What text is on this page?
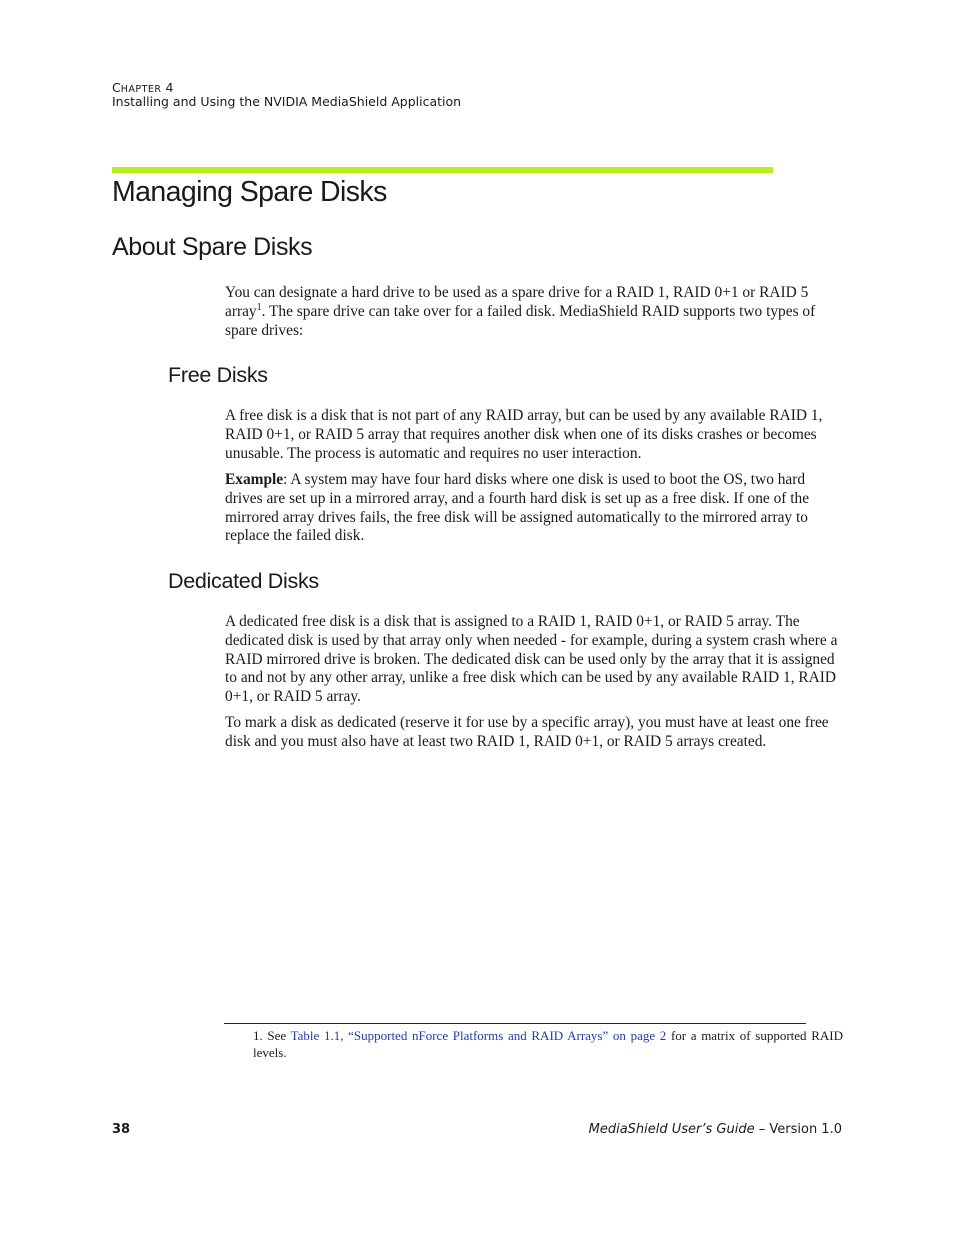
CHAPTER 4
Installing and Using the NVIDIA MediaShield Application
Managing Spare Disks
About Spare Disks

You can designate a hard drive to be used as a spare drive for a RAID 1, RAID 0+1 or RAID 5 array$^1$. The spare drive can take over for a failed disk. MediaShield RAID supports two types of spare drives:

Free Disks

A free disk is a disk that is not part of any RAID array, but can be used by any available RAID 1, RAID 0+1, or RAID 5 array that requires another disk when one of its disks crashes or becomes unusable. The process is automatic and requires no user interaction.

Example: A system may have four hard disks where one disk is used to boot the OS, two hard drives are set up in a mirrored array, and a fourth hard disk is set up as a free disk. If one of the mirrored array drives fails, the free disk will be assigned automatically to the mirrored array to replace the failed disk.

Dedicated Disks

A dedicated free disk is a disk that is assigned to a RAID 1, RAID 0+1, or RAID 5 array. The dedicated disk is used by that array only when needed - for example, during a system crash where a RAID mirrored drive is broken. The dedicated disk can be used only by the array that it is assigned to and not by any other array, unlike a free disk which can be used by any available RAID 1, RAID 0+1, or RAID 5 array.

To mark a disk as dedicated (reserve it for use by a specific array), you must have at least one free disk and you must also have at least two RAID 1, RAID 0+1, or RAID 5 arrays created.

1. See Table 1.1, “Supported nForce Platforms and RAID Arrays” on page 2 for a matrix of supported RAID levels.

38	MediaShield User’s Guide – Version 1.0
